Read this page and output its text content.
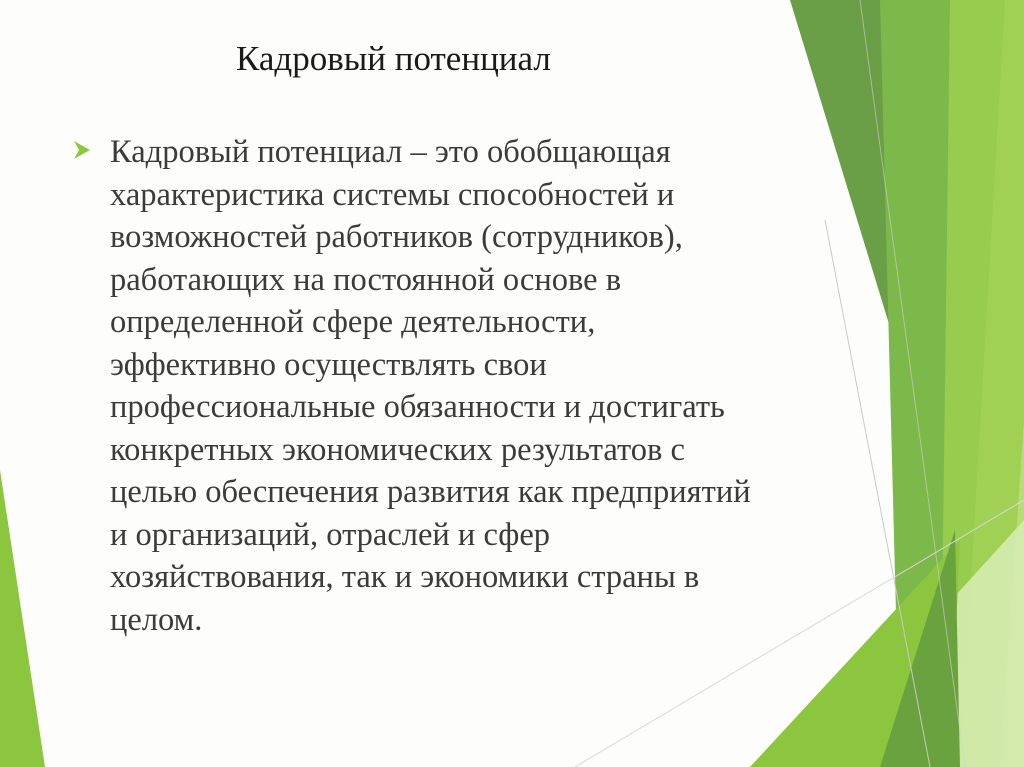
Кадровый потенциал
Кадровый потенциал – это обобщающая
характеристика системы способностей и
возможностей работников (сотрудников),
работающих на постоянной основе в
определенной сфере деятельности,
эффективно осуществлять свои
профессиональные обязанности и достигать
конкретных экономических результатов с
целью обеспечения развития как предприятий
и организаций, отраслей и сфер
хозяйствования, так и экономики страны в
целом.
